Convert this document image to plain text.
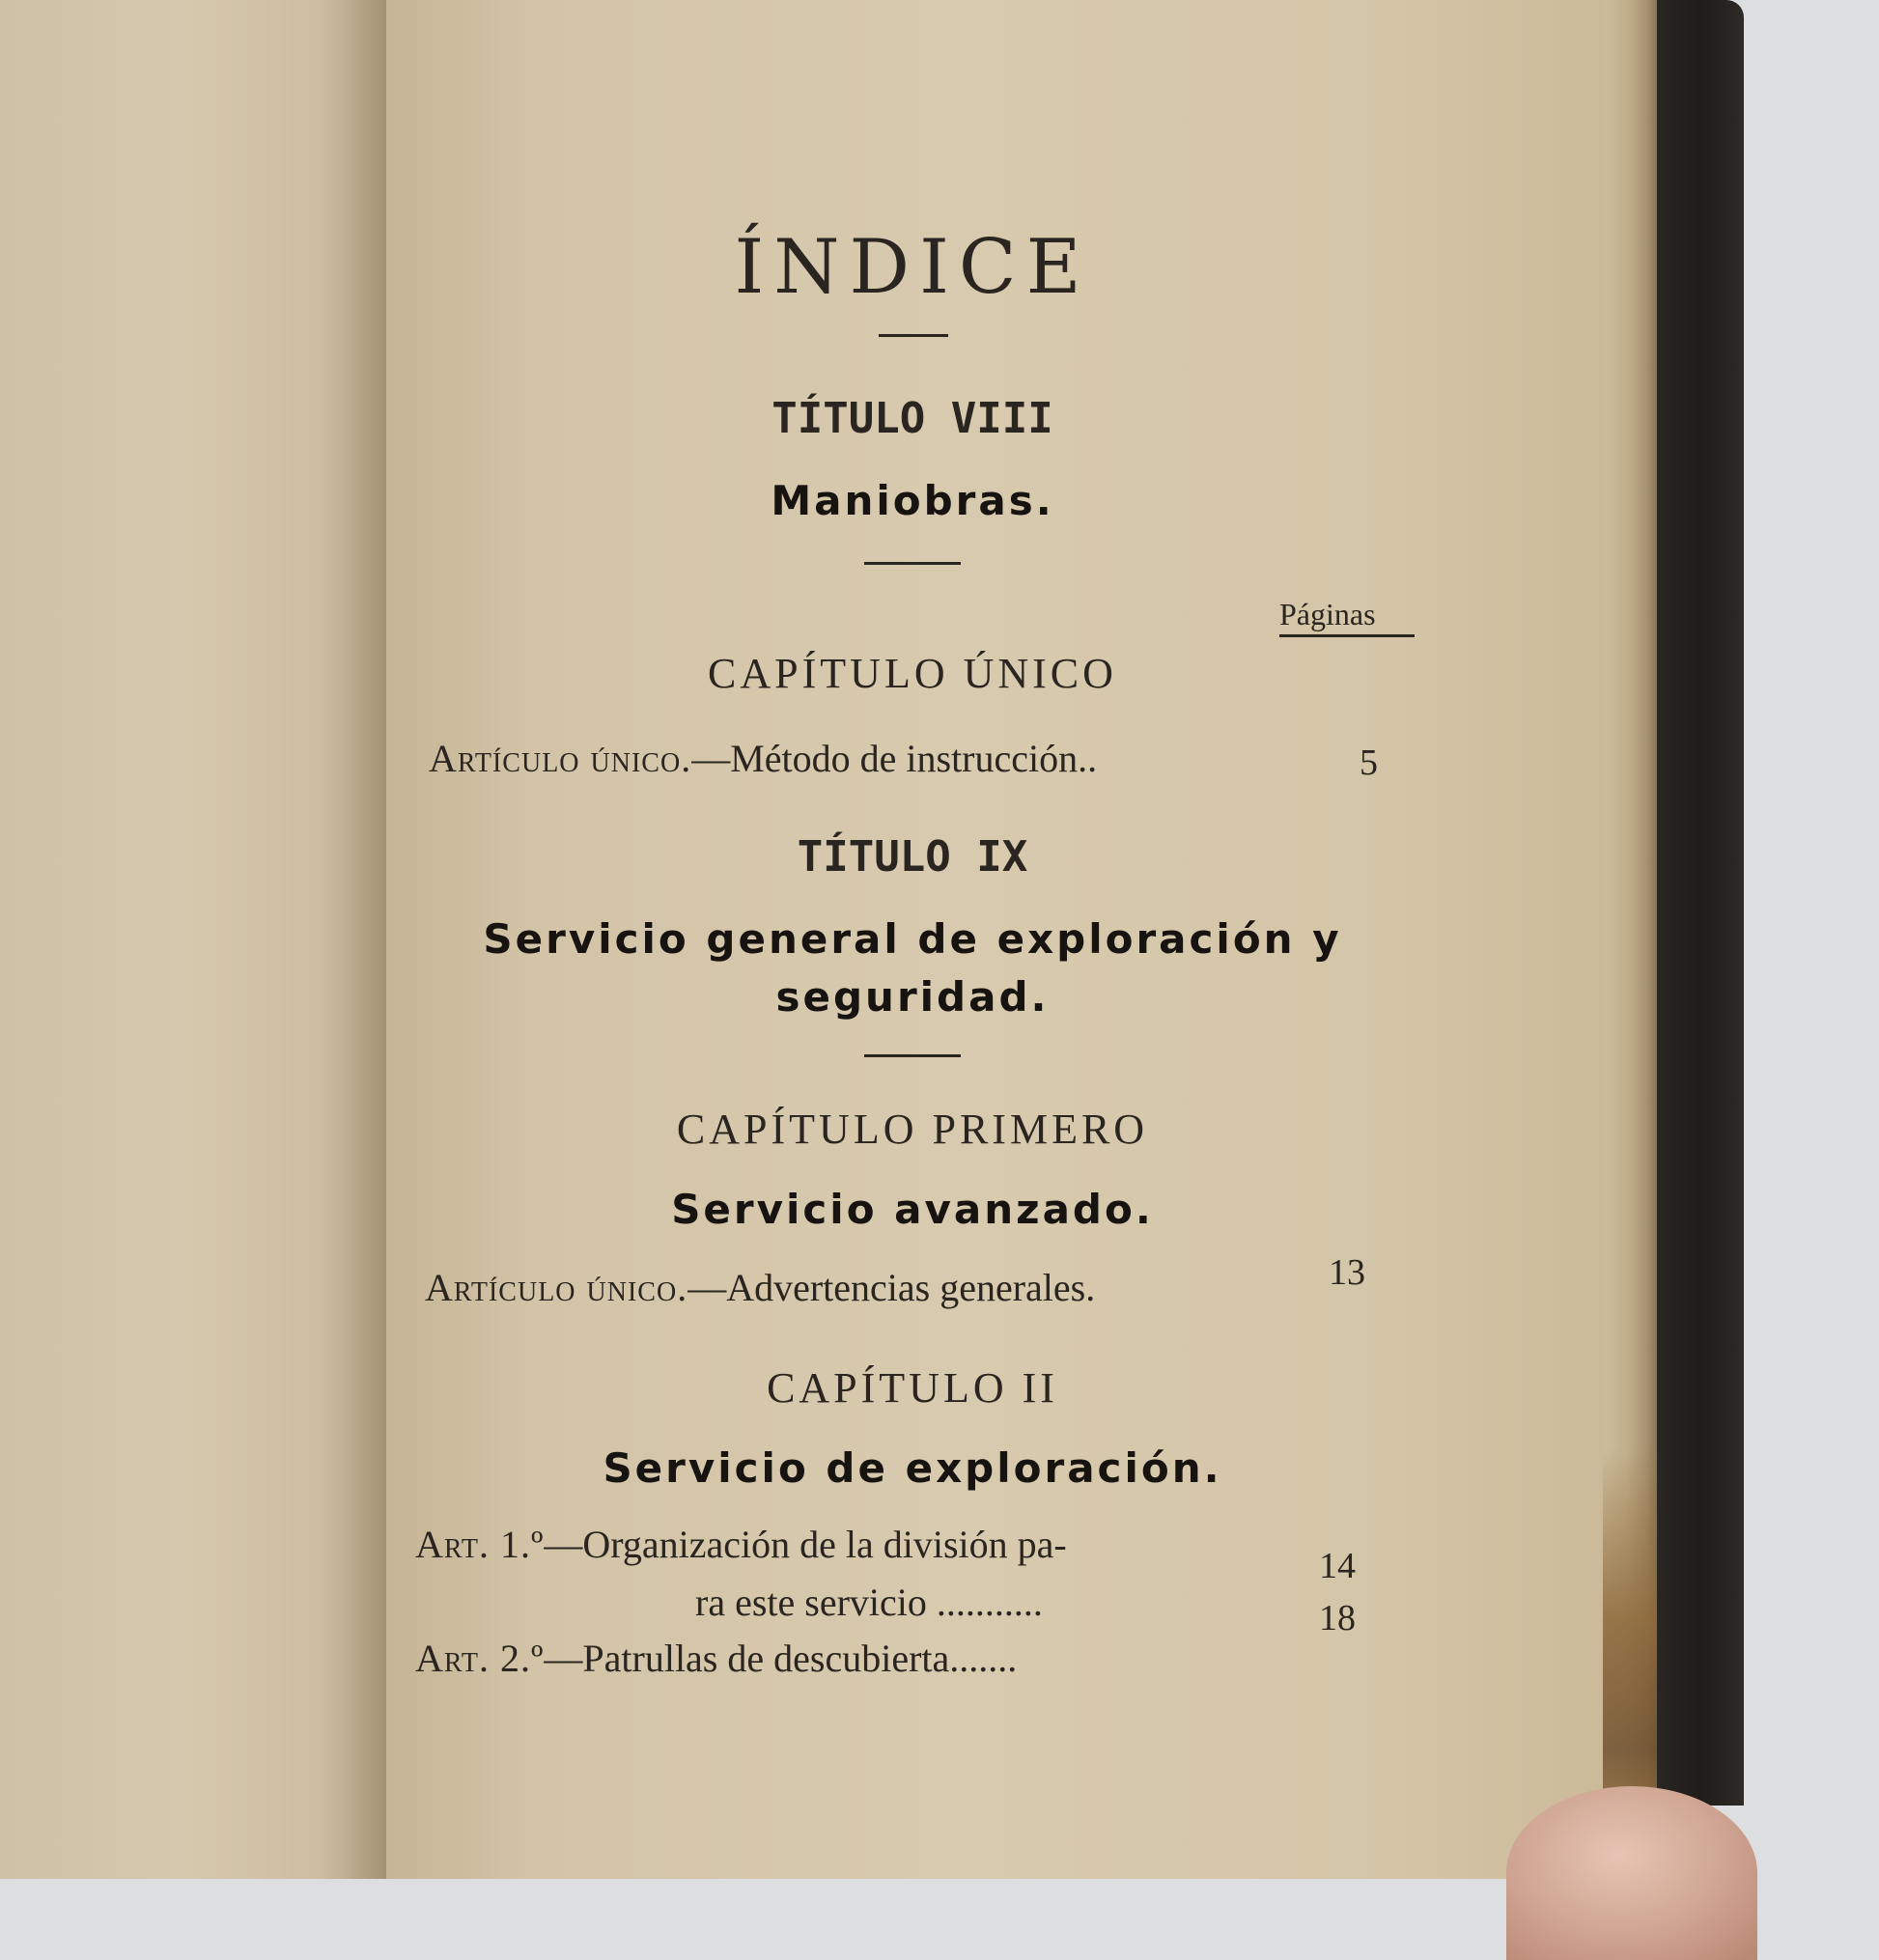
ÍNDICE
TÍTULO VIII
Maniobras.
Páginas
CAPÍTULO ÚNICO
Artículo único.—Método de instrucción..	5
TÍTULO IX
Servicio general de exploración y
seguridad.
CAPÍTULO PRIMERO
Servicio avanzado.
Artículo único.—Advertencias generales.	13
CAPÍTULO II
Servicio de exploración.
Art. 1.º—Organización de la división pa-
ra este servicio ...........
14
Art. 2.º—Patrullas de descubierta.......
18
